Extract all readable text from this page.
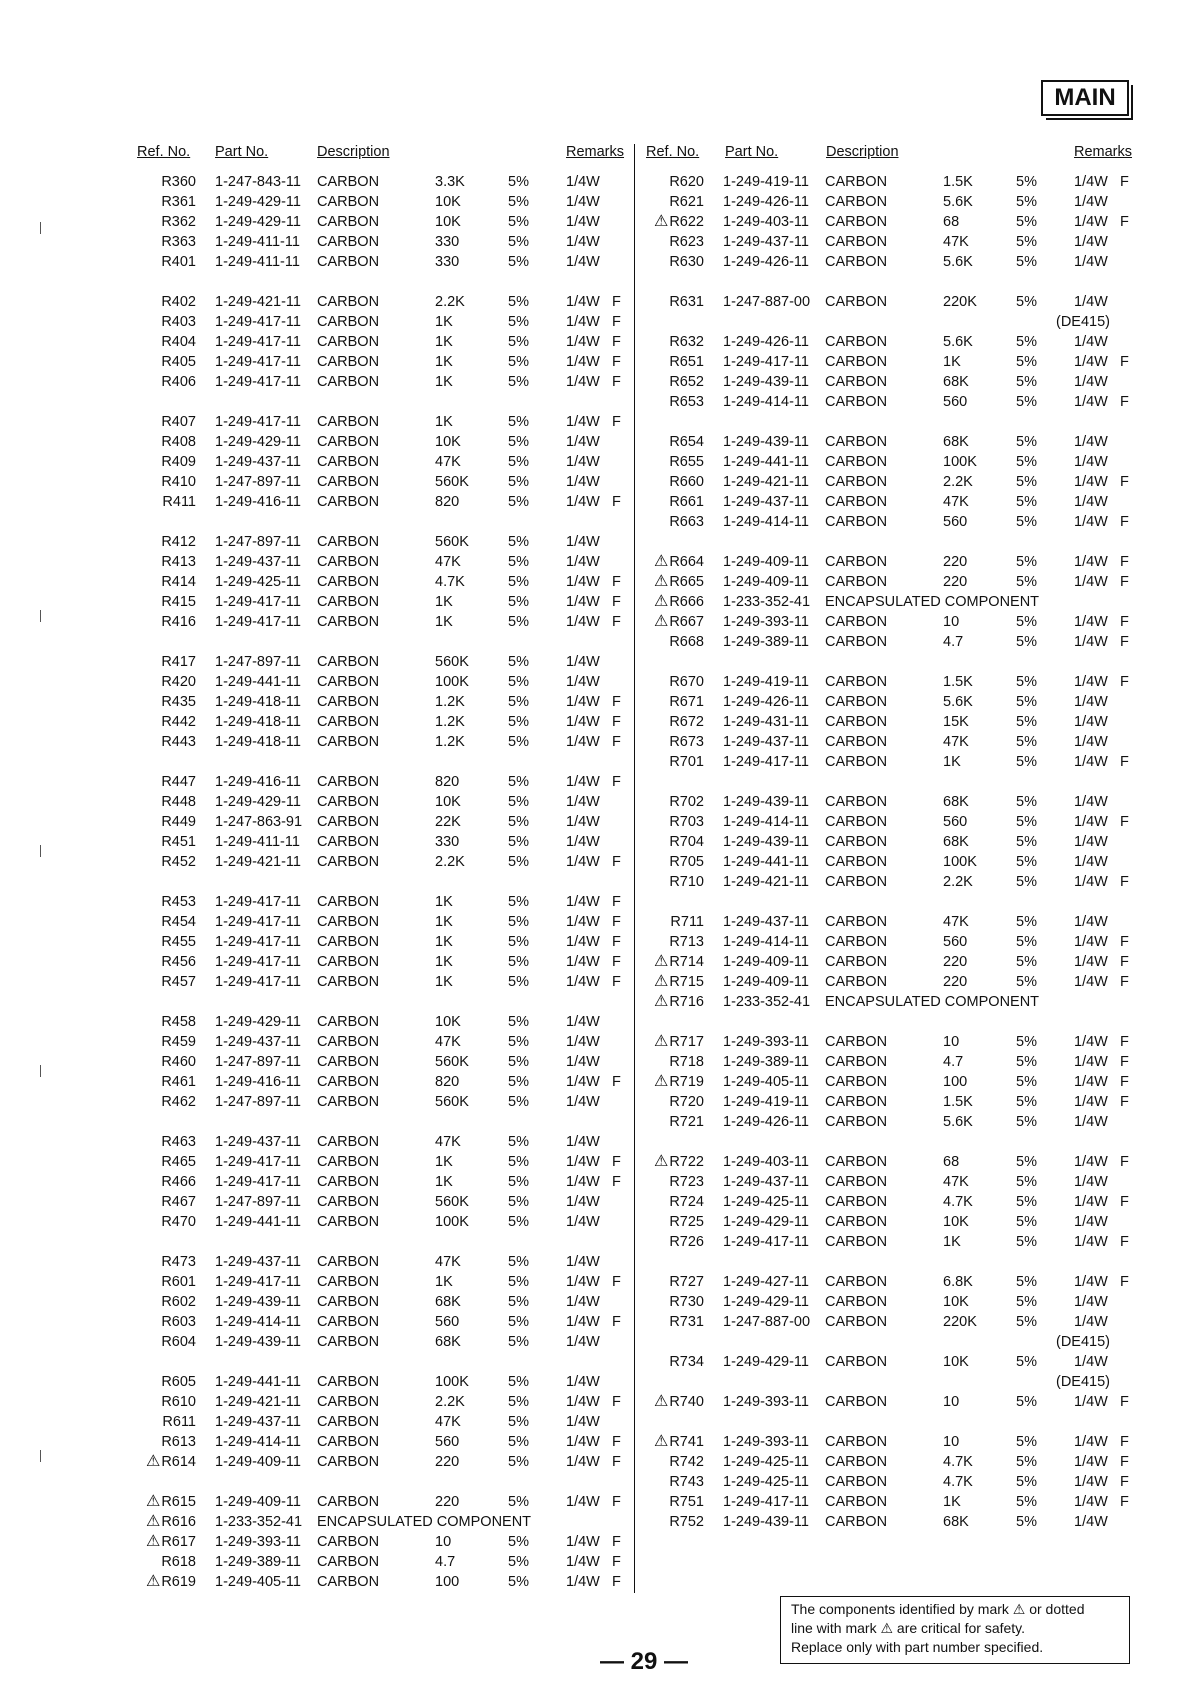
MAIN
Ref. No. Part No.	Description	Remarks
R360 1-247-843-11 CARBON	3.3K	5%	1/4W
R361 1-249-429-11 CARBON	10K	5%	1/4W
R362 1-249-429-11 CARBON	10K	5%	1/4W
R363 1-249-411-11 CARBON	330	5%	1/4W
R401 1-249-411-11 CARBON	330	5%	1/4W
R402 1-249-421-11 CARBON	2.2K	5%	1/4W F
R403 1-249-417-11 CARBON	1K	5%	1/4W F
R404 1-249-417-11 CARBON	1K	5%	1/4W F
R405 1-249-417-11 CARBON	1K	5%	1/4W F
R406 1-249-417-11 CARBON	1K	5%	1/4W F
R407 1-249-417-11 CARBON	1K	5%	1/4W F
R408 1-249-429-11 CARBON	10K	5%	1/4W
R409 1-249-437-11 CARBON	47K	5%	1/4W
R410 1-247-897-11 CARBON	560K	5%	1/4W
R411 1-249-416-11 CARBON	820	5%	1/4W F
R412 1-247-897-11 CARBON	560K	5%	1/4W
R413 1-249-437-11 CARBON	47K	5%	1/4W
R414 1-249-425-11 CARBON	4.7K	5%	1/4W F
R415 1-249-417-11 CARBON	1K	5%	1/4W F
R416 1-249-417-11 CARBON	1K	5%	1/4W F
R417 1-247-897-11 CARBON	560K	5%	1/4W
R420 1-249-441-11 CARBON	100K	5%	1/4W
R435 1-249-418-11 CARBON	1.2K	5%	1/4W F
R442 1-249-418-11 CARBON	1.2K	5%	1/4W F
R443 1-249-418-11 CARBON	1.2K	5%	1/4W F
R447 1-249-416-11 CARBON	820	5%	1/4W F
R448 1-249-429-11 CARBON	10K	5%	1/4W
R449 1-247-863-91 CARBON	22K	5%	1/4W
R451 1-249-411-11 CARBON	330	5%	1/4W
R452 1-249-421-11 CARBON	2.2K	5%	1/4W F
R453 1-249-417-11 CARBON	1K	5%	1/4W F
R454 1-249-417-11 CARBON	1K	5%	1/4W F
R455 1-249-417-11 CARBON	1K	5%	1/4W F
R456 1-249-417-11 CARBON	1K	5%	1/4W F
R457 1-249-417-11 CARBON	1K	5%	1/4W F
R458 1-249-429-11 CARBON	10K	5%	1/4W
R459 1-249-437-11 CARBON	47K	5%	1/4W
R460 1-247-897-11 CARBON	560K	5%	1/4W
R461 1-249-416-11 CARBON	820	5%	1/4W F
R462 1-247-897-11 CARBON	560K	5%	1/4W
R463 1-249-437-11 CARBON	47K	5%	1/4W
R465 1-249-417-11 CARBON	1K	5%	1/4W F
R466 1-249-417-11 CARBON	1K	5%	1/4W F
R467 1-247-897-11 CARBON	560K	5%	1/4W
R470 1-249-441-11 CARBON	100K	5%	1/4W
R473 1-249-437-11 CARBON	47K	5%	1/4W
R601 1-249-417-11 CARBON	1K	5%	1/4W F
R602 1-249-439-11 CARBON	68K	5%	1/4W
R603 1-249-414-11 CARBON	560	5%	1/4W F
R604 1-249-439-11 CARBON	68K	5%	1/4W
R605 1-249-441-11 CARBON	100K	5%	1/4W
R610 1-249-421-11 CARBON	2.2K	5%	1/4W F
R611 1-249-437-11 CARBON	47K	5%	1/4W
R613 1-249-414-11 CARBON	560	5%	1/4W F
⚠R614 1-249-409-11 CARBON	220	5%	1/4W F
⚠R615 1-249-409-11 CARBON	220	5%	1/4W F
⚠R616 1-233-352-41 ENCAPSULATED COMPONENT
⚠R617 1-249-393-11 CARBON	10	5%	1/4W F
R618 1-249-389-11 CARBON	4.7	5%	1/4W F
⚠R619 1-249-405-11 CARBON	100	5%	1/4W F
Ref. No. Part No.	Description	Remarks
R620 1-249-419-11 CARBON	1.5K	5%	1/4W F
R621 1-249-426-11 CARBON	5.6K	5%	1/4W
⚠R622 1-249-403-11 CARBON	68	5%	1/4W F
R623 1-249-437-11 CARBON	47K	5%	1/4W
R630 1-249-426-11 CARBON	5.6K	5%	1/4W
R631 1-247-887-00 CARBON	220K	5%	1/4W
(DE415)
R632 1-249-426-11 CARBON	5.6K	5%	1/4W
R651 1-249-417-11 CARBON	1K	5%	1/4W F
R652 1-249-439-11 CARBON	68K	5%	1/4W
R653 1-249-414-11 CARBON	560	5%	1/4W F
R654 1-249-439-11 CARBON	68K	5%	1/4W
R655 1-249-441-11 CARBON	100K	5%	1/4W
R660 1-249-421-11 CARBON	2.2K	5%	1/4W F
R661 1-249-437-11 CARBON	47K	5%	1/4W
R663 1-249-414-11 CARBON	560	5%	1/4W F
⚠R664 1-249-409-11 CARBON	220	5%	1/4W F
⚠R665 1-249-409-11 CARBON	220	5%	1/4W F
⚠R666 1-233-352-41 ENCAPSULATED COMPONENT
⚠R667 1-249-393-11 CARBON	10	5%	1/4W F
R668 1-249-389-11 CARBON	4.7	5%	1/4W F
R670 1-249-419-11 CARBON	1.5K	5%	1/4W F
R671 1-249-426-11 CARBON	5.6K	5%	1/4W
R672 1-249-431-11 CARBON	15K	5%	1/4W
R673 1-249-437-11 CARBON	47K	5%	1/4W
R701 1-249-417-11 CARBON	1K	5%	1/4W F
R702 1-249-439-11 CARBON	68K	5%	1/4W
R703 1-249-414-11 CARBON	560	5%	1/4W F
R704 1-249-439-11 CARBON	68K	5%	1/4W
R705 1-249-441-11 CARBON	100K	5%	1/4W
R710 1-249-421-11 CARBON	2.2K	5%	1/4W F
R711 1-249-437-11 CARBON	47K	5%	1/4W
R713 1-249-414-11 CARBON	560	5%	1/4W F
⚠R714 1-249-409-11 CARBON	220	5%	1/4W F
⚠R715 1-249-409-11 CARBON	220	5%	1/4W F
⚠R716 1-233-352-41 ENCAPSULATED COMPONENT
⚠R717 1-249-393-11 CARBON	10	5%	1/4W F
R718 1-249-389-11 CARBON	4.7	5%	1/4W F
⚠R719 1-249-405-11 CARBON	100	5%	1/4W F
R720 1-249-419-11 CARBON	1.5K	5%	1/4W F
R721 1-249-426-11 CARBON	5.6K	5%	1/4W
⚠R722 1-249-403-11 CARBON	68	5%	1/4W F
R723 1-249-437-11 CARBON	47K	5%	1/4W
R724 1-249-425-11 CARBON	4.7K	5%	1/4W F
R725 1-249-429-11 CARBON	10K	5%	1/4W
R726 1-249-417-11 CARBON	1K	5%	1/4W F
R727 1-249-427-11 CARBON	6.8K	5%	1/4W F
R730 1-249-429-11 CARBON	10K	5%	1/4W
R731 1-247-887-00 CARBON	220K	5%	1/4W
(DE415)
R734 1-249-429-11 CARBON	10K	5%	1/4W
(DE415)
⚠R740 1-249-393-11 CARBON	10	5%	1/4W F
⚠R741 1-249-393-11 CARBON	10	5%	1/4W F
R742 1-249-425-11 CARBON	4.7K	5%	1/4W F
R743 1-249-425-11 CARBON	4.7K	5%	1/4W F
R751 1-249-417-11 CARBON	1K	5%	1/4W F
R752 1-249-439-11 CARBON	68K	5%	1/4W
The components identified by mark ⚠ or dotted
line with mark ⚠ are critical for safety.
Replace only with part number specified.
— 29 —
